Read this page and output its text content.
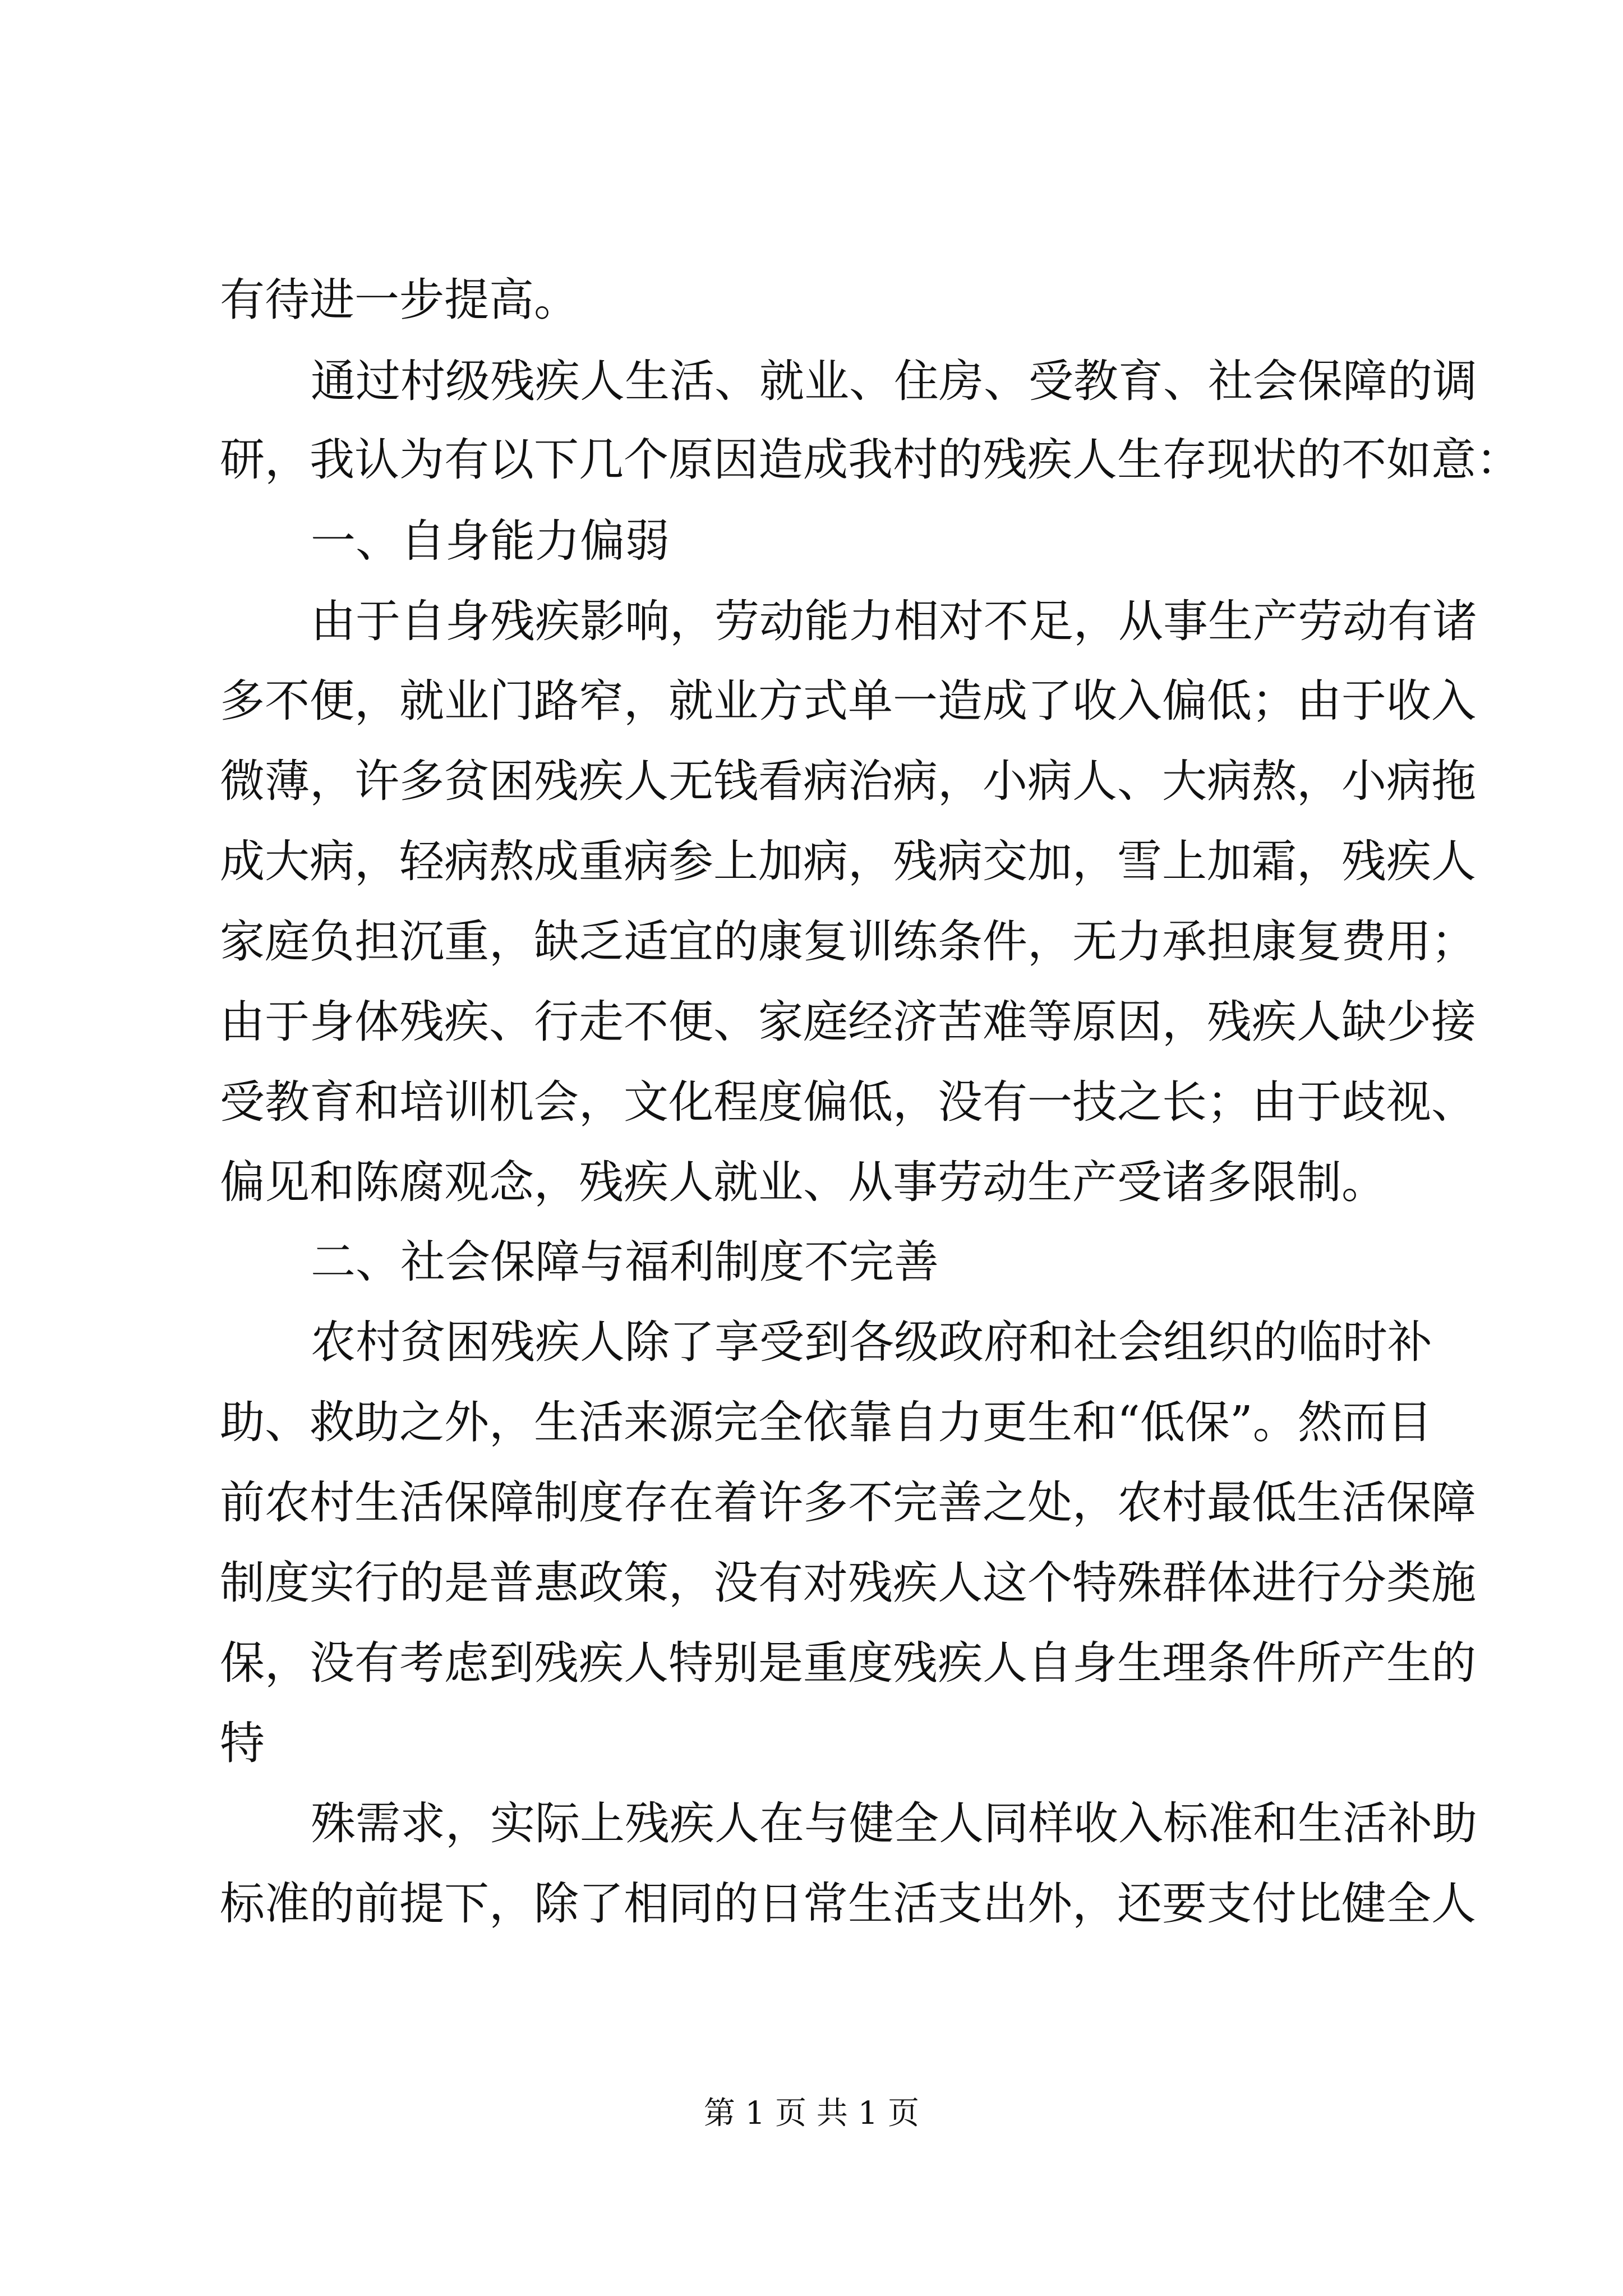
有待进一步提高。
通过村级残疾人生活、就业、住房、受教育、社会保障的调
研，我认为有以下几个原因造成我村的残疾人生存现状的不如意：
一、自身能力偏弱
由于自身残疾影响，劳动能力相对不足，从事生产劳动有诸
多不便，就业门路窄，就业方式单一造成了收入偏低；由于收入
微薄，许多贫困残疾人无钱看病治病，小病人、大病熬，小病拖
成大病，轻病熬成重病参上加病，残病交加，雪上加霜，残疾人
家庭负担沉重，缺乏适宜的康复训练条件，无力承担康复费用；
由于身体残疾、行走不便、家庭经济苦难等原因，残疾人缺少接
受教育和培训机会，文化程度偏低，没有一技之长；由于歧视、
偏见和陈腐观念，残疾人就业、从事劳动生产受诸多限制。
二、社会保障与福利制度不完善
农村贫困残疾人除了享受到各级政府和社会组织的临时补
助、救助之外，生活来源完全依靠自力更生和“低保”。然而目
前农村生活保障制度存在着许多不完善之处，农村最低生活保障
制度实行的是普惠政策，没有对残疾人这个特殊群体进行分类施
保，没有考虑到残疾人特别是重度残疾人自身生理条件所产生的
特
殊需求，实际上残疾人在与健全人同样收入标准和生活补助
标准的前提下，除了相同的日常生活支出外，还要支付比健全人
第 1 页 共 1 页
